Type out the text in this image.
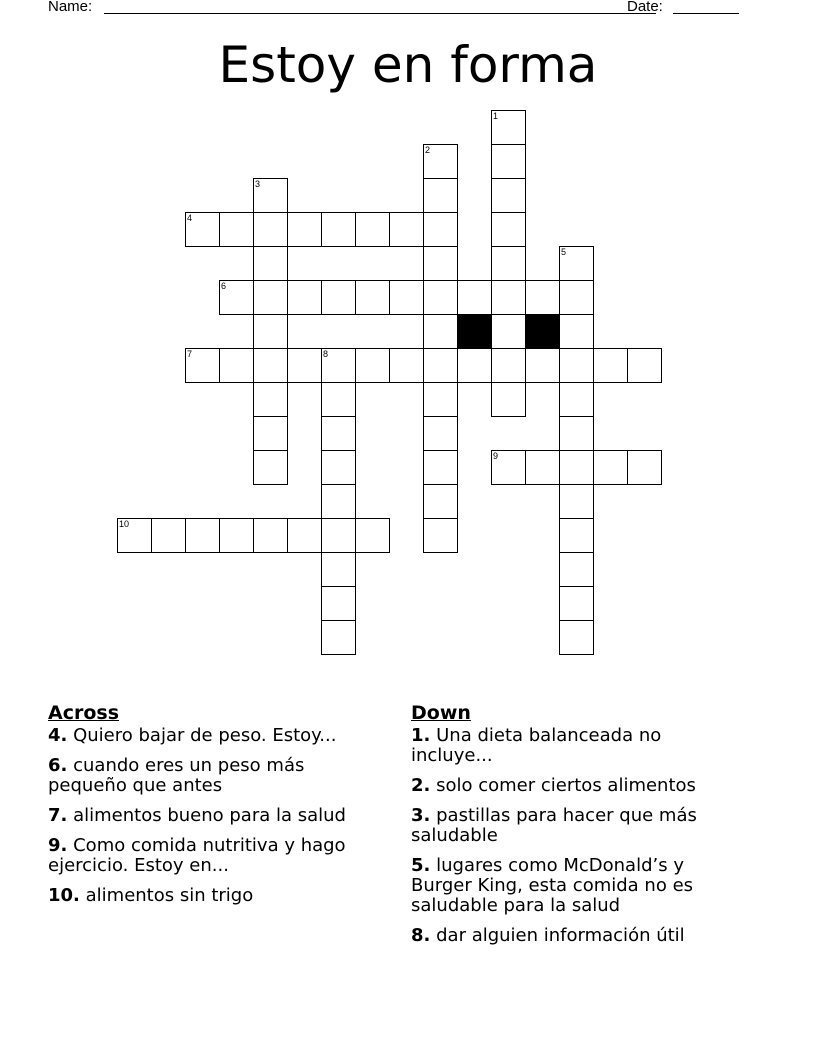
Name:	Date:
Estoy en forma
1
2
3
4
5
6
7	8
9
10
Across
4. Quiero bajar de peso. Estoy...
6. cuando eres un peso más pequeño que antes
7. alimentos bueno para la salud
9. Como comida nutritiva y hago ejercicio. Estoy en...
10. alimentos sin trigo
Down
1. Una dieta balanceada no incluye...
2. solo comer ciertos alimentos
3. pastillas para hacer que más saludable
5. lugares como McDonald’s y Burger King, esta comida no es saludable para la salud
8. dar alguien información útil
